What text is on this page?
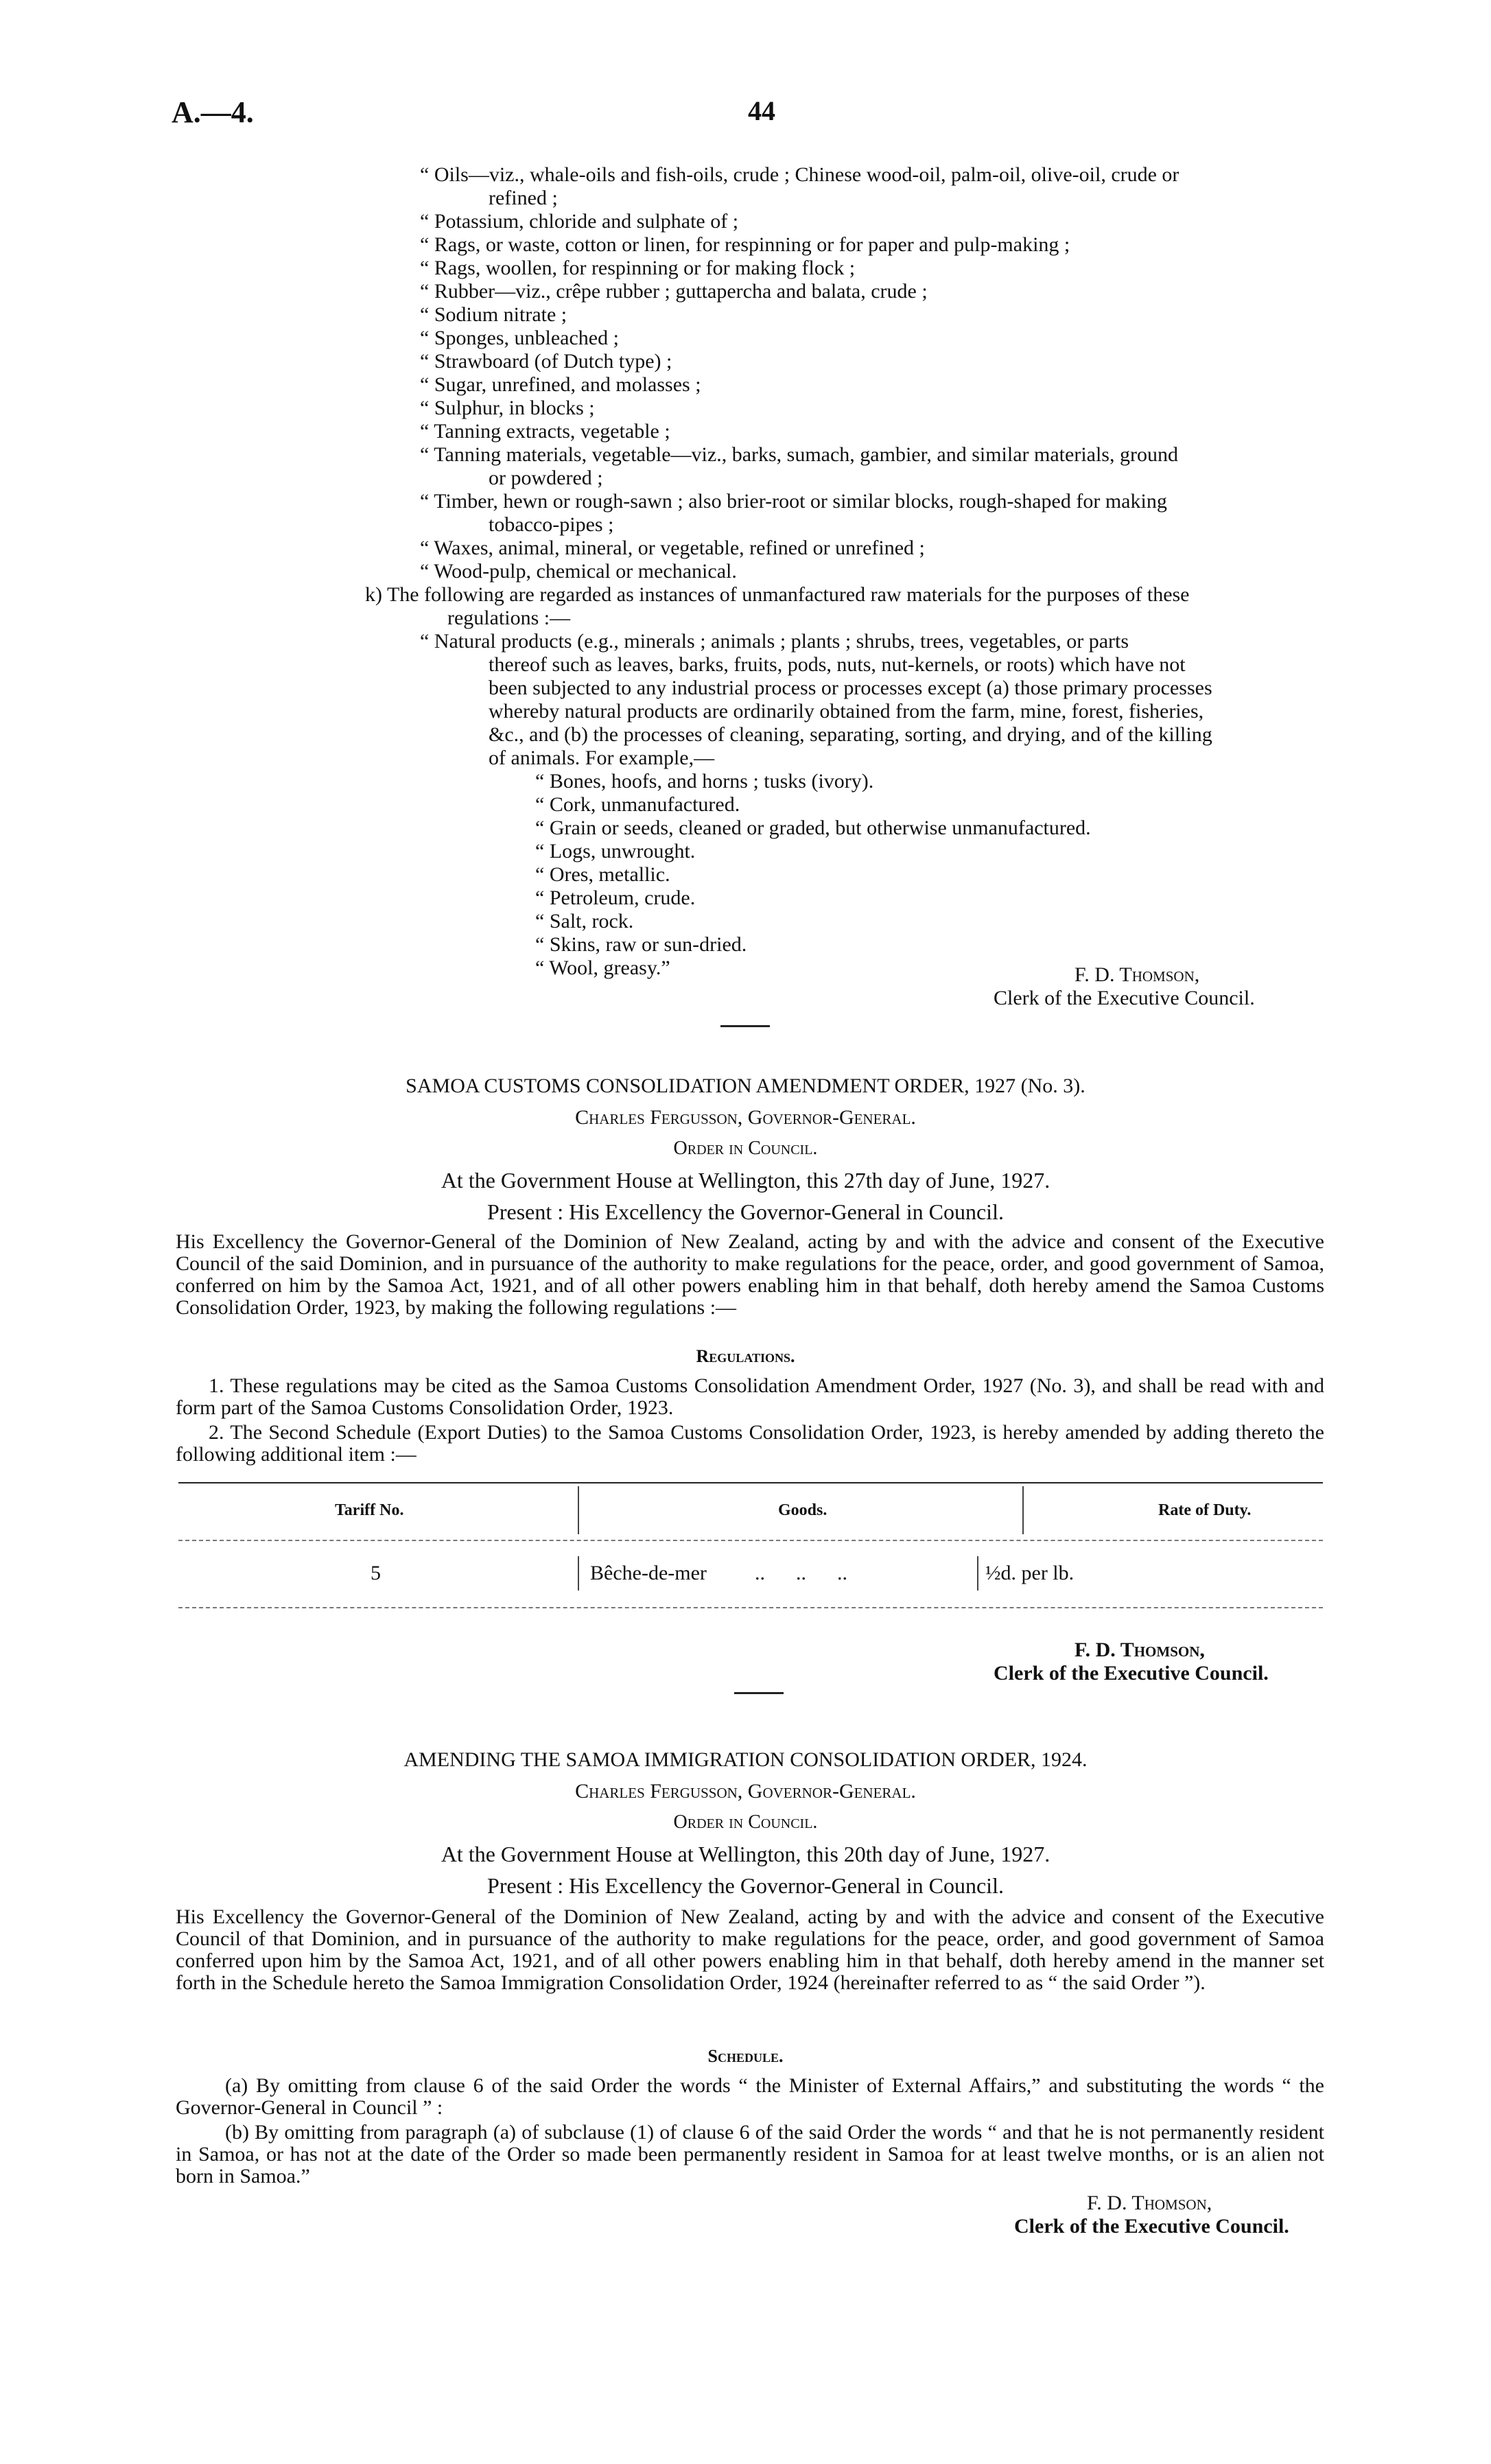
A.—4.	44
“ Oils—viz., whale-oils and fish-oils, crude ; Chinese wood-oil, palm-oil, olive-oil, crude or
refined ;
“ Potassium, chloride and sulphate of ;
“ Rags, or waste, cotton or linen, for respinning or for paper and pulp-making ;
“ Rags, woollen, for respinning or for making flock ;
“ Rubber—viz., crêpe rubber ; guttapercha and balata, crude ;
“ Sodium nitrate ;
“ Sponges, unbleached ;
“ Strawboard (of Dutch type) ;
“ Sugar, unrefined, and molasses ;
“ Sulphur, in blocks ;
“ Tanning extracts, vegetable ;
“ Tanning materials, vegetable—viz., barks, sumach, gambier, and similar materials, ground
or powdered ;
“ Timber, hewn or rough-sawn ; also brier-root or similar blocks, rough-shaped for making
tobacco-pipes ;
“ Waxes, animal, mineral, or vegetable, refined or unrefined ;
“ Wood-pulp, chemical or mechanical.
k) The following are regarded as instances of unmanfactured raw materials for the purposes of these
regulations :—
“ Natural products (e.g., minerals ; animals ; plants ; shrubs, trees, vegetables, or parts
thereof such as leaves, barks, fruits, pods, nuts, nut-kernels, or roots) which have not
been subjected to any industrial process or processes except (a) those primary processes
whereby natural products are ordinarily obtained from the farm, mine, forest, fisheries,
&c., and (b) the processes of cleaning, separating, sorting, and drying, and of the killing
of animals. For example,—
“ Bones, hoofs, and horns ; tusks (ivory).
“ Cork, unmanufactured.
“ Grain or seeds, cleaned or graded, but otherwise unmanufactured.
“ Logs, unwrought.
“ Ores, metallic.
“ Petroleum, crude.
“ Salt, rock.
“ Skins, raw or sun-dried.
“ Wool, greasy.”	F. D. Thomson,
Clerk of the Executive Council.
SAMOA CUSTOMS CONSOLIDATION AMENDMENT ORDER, 1927 (No. 3).
Charles Fergusson, Governor-General.
Order in Council.
At the Government House at Wellington, this 27th day of June, 1927.
Present : His Excellency the Governor-General in Council.
His Excellency the Governor-General of the Dominion of New Zealand, acting by and with the advice and consent of the Executive Council of the said Dominion, and in pursuance of the authority to make regulations for the peace, order, and good government of Samoa, conferred on him by the Samoa Act, 1921, and of all other powers enabling him in that behalf, doth hereby amend the Samoa Customs Consolidation Order, 1923, by making the following regulations :—
Regulations.
1. These regulations may be cited as the Samoa Customs Consolidation Amendment Order, 1927 (No. 3), and shall be read with and form part of the Samoa Customs Consolidation Order, 1923.
2. The Second Schedule (Export Duties) to the Samoa Customs Consolidation Order, 1923, is hereby amended by adding thereto the following additional item :—
Tariff No.	Goods.	Rate of Duty.
5	Bêche-de-mer ..      ..      ..	½d. per lb.
F. D. Thomson,
Clerk of the Executive Council.
AMENDING THE SAMOA IMMIGRATION CONSOLIDATION ORDER, 1924.
Charles Fergusson, Governor-General.
Order in Council.
At the Government House at Wellington, this 20th day of June, 1927.
Present : His Excellency the Governor-General in Council.
His Excellency the Governor-General of the Dominion of New Zealand, acting by and with the advice and consent of the Executive Council of that Dominion, and in pursuance of the authority to make regulations for the peace, order, and good government of Samoa conferred upon him by the Samoa Act, 1921, and of all other powers enabling him in that behalf, doth hereby amend in the manner set forth in the Schedule hereto the Samoa Immigration Consolidation Order, 1924 (hereinafter referred to as “ the said Order ”).
Schedule.
(a) By omitting from clause 6 of the said Order the words “ the Minister of External Affairs,” and substituting the words “ the Governor-General in Council ” :
(b) By omitting from paragraph (a) of subclause (1) of clause 6 of the said Order the words “ and that he is not permanently resident in Samoa, or has not at the date of the Order so made been permanently resident in Samoa for at least twelve months, or is an alien not born in Samoa.”
F. D. Thomson,
Clerk of the Executive Council.
